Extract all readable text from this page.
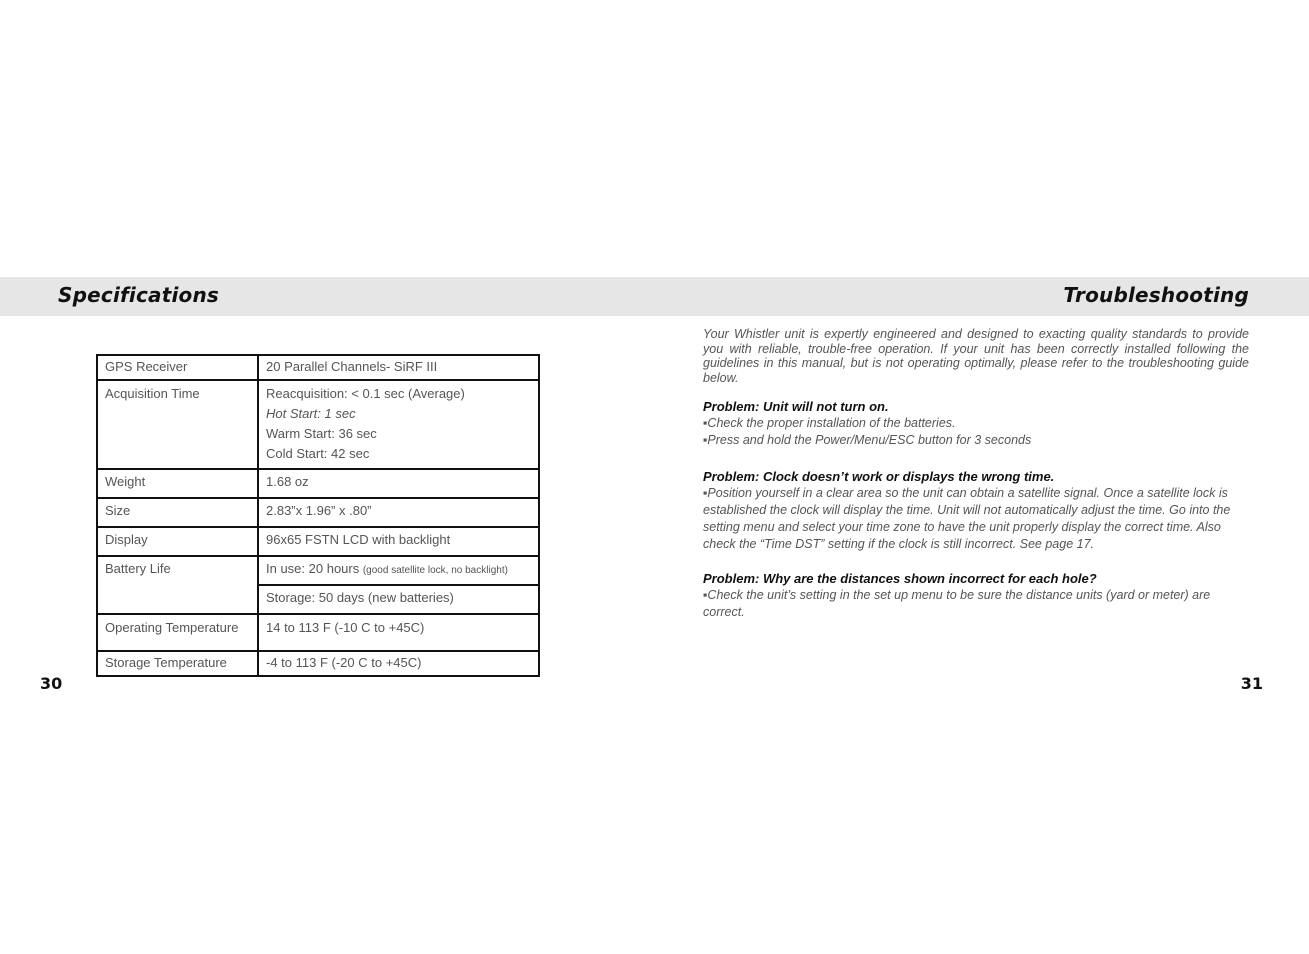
Specifications	Troubleshooting
GPS Receiver	20 Parallel Channels- SiRF III
Acquisition Time	Reacquisition: < 0.1 sec (Average)
Hot Start: 1 sec
Warm Start: 36 sec
Cold Start: 42 sec

Weight	1.68 oz
Size	2.83”x 1.96” x .80”
Display	96x65 FSTN LCD with backlight
Battery Life	In use: 20 hours (good satellite lock, no backlight)
	Storage: 50 days (new batteries)
Operating Temperature	14 to 113 F (-10 C to +45C)
Storage Temperature	-4 to 113 F (-20 C to +45C)
30	31

Your Whistler unit is expertly engineered and designed to exacting quality standards to provide you with reliable, trouble-free operation. If your unit has been correctly installed following the guidelines in this manual, but is not operating optimally, please refer to the troubleshooting guide below.

Problem: Unit will not turn on.

▪Check the proper installation of the batteries.

▪Press and hold the Power/Menu/ESC button for 3 seconds

Problem: Clock doesn’t work or displays the wrong time.

▪Position yourself in a clear area so the unit can obtain a satellite signal. Once a satellite lock is established the clock will display the time. Unit will not automatically adjust the time. Go into the setting menu and select your time zone to have the unit properly display the correct time. Also check the “Time DST” setting if the clock is still incorrect. See page 17.

Problem: Why are the distances shown incorrect for each hole?

▪Check the unit’s setting in the set up menu to be sure the distance units (yard or meter) are correct.
